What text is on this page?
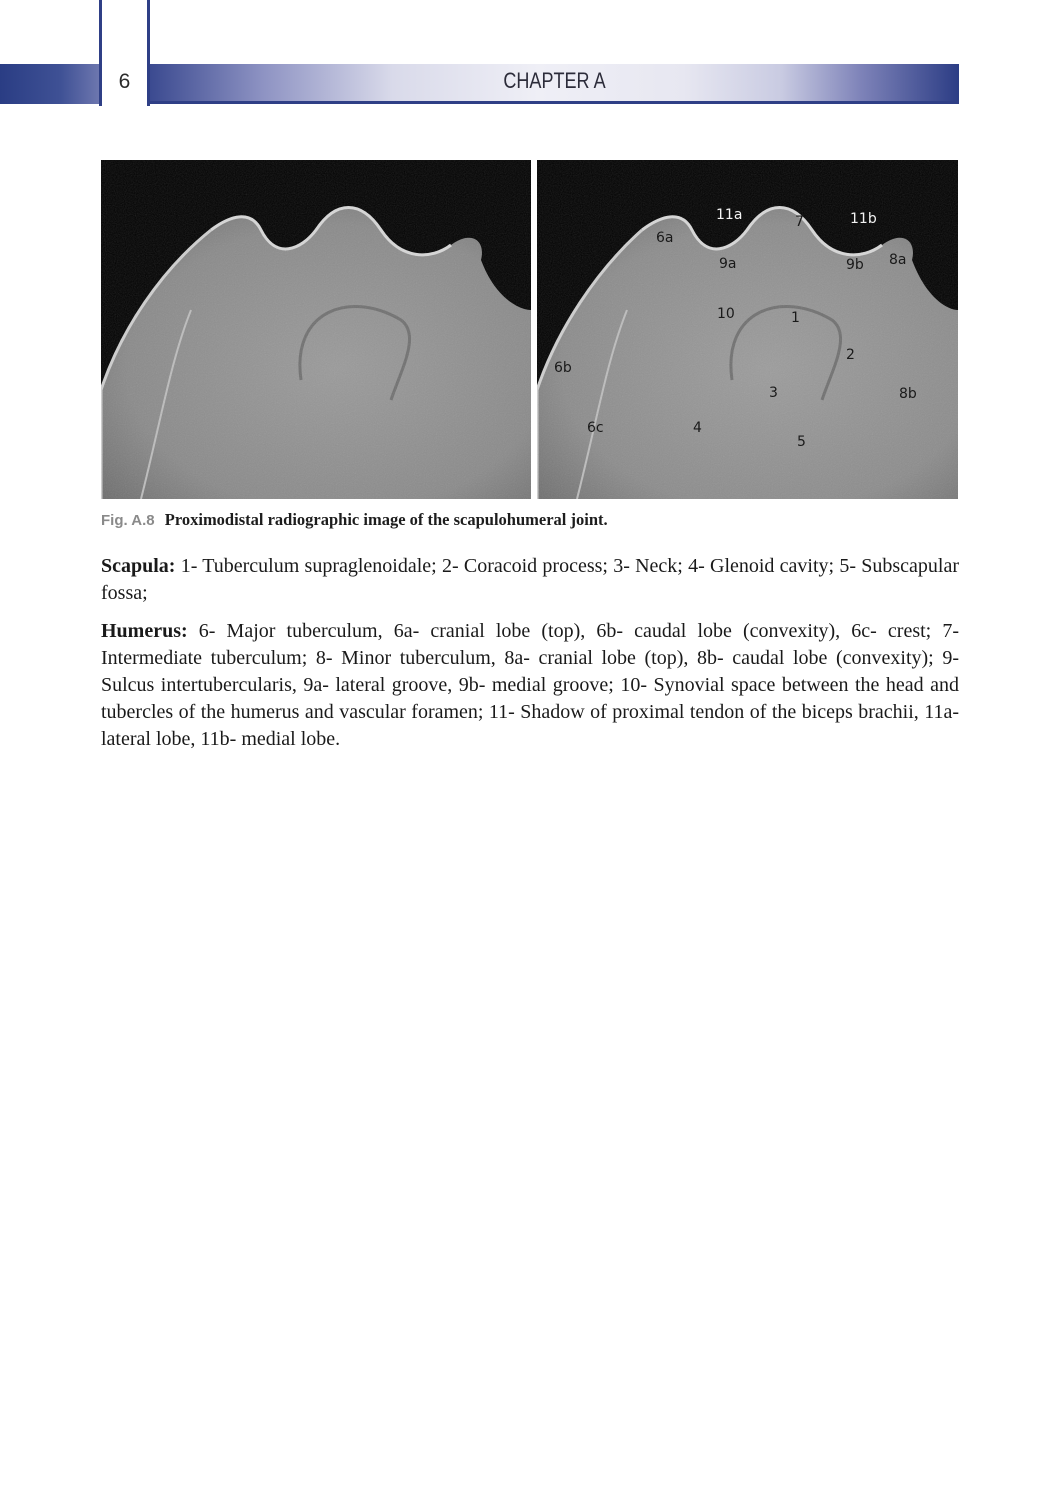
6	CHAPTER A
11a	7	11b
6a
9a	9b 8a
10	1
2
6b
3	8b
6c	4
5
Fig. A.8 Proximodistal radiographic image of the scapulohumeral joint.

Scapula: 1- Tuberculum supraglenoidale; 2- Coracoid process; 3- Neck; 4- Glenoid cavity; 5- Subscapular fossa;

Humerus: 6- Major tuberculum, 6a- cranial lobe (top), 6b- caudal lobe (convexity), 6c- crest; 7- Intermediate tuberculum; 8- Minor tuberculum, 8a- cranial lobe (top), 8b- caudal lobe (convexity); 9- Sulcus intertubercularis, 9a- lateral groove, 9b- medial groove; 10- Synovial space between the head and tubercles of the humerus and vascular foramen; 11- Shadow of proximal tendon of the biceps brachii, 11a- lateral lobe, 11b- medial lobe.
